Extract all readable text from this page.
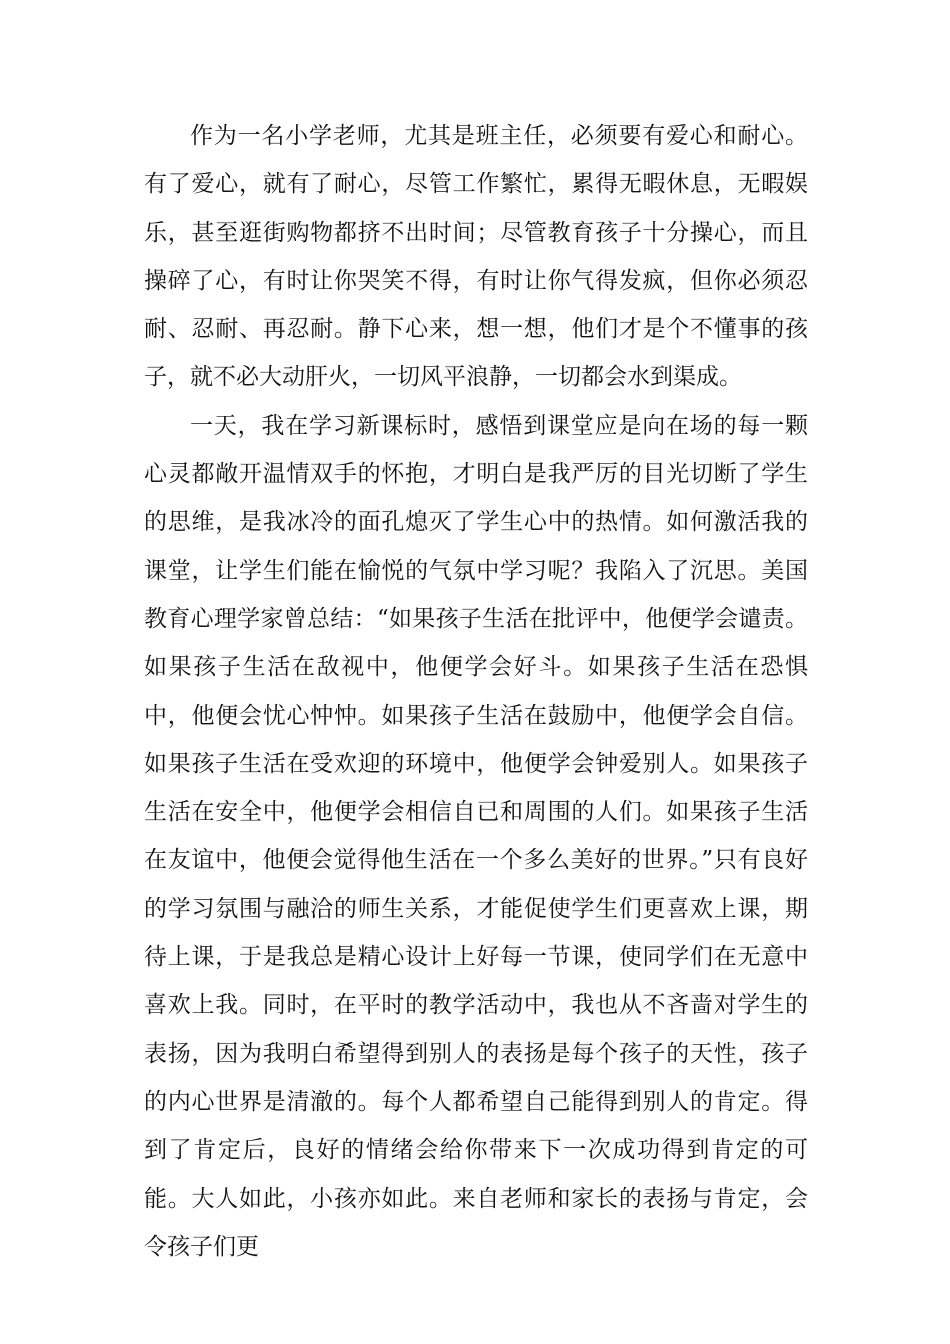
作为一名小学老师，尤其是班主任，必须要有爱心和耐心。有了爱心，就有了耐心，尽管工作繁忙，累得无暇休息，无暇娱乐，甚至逛街购物都挤不出时间；尽管教育孩子十分操心，而且操碎了心，有时让你哭笑不得，有时让你气得发疯，但你必须忍耐、忍耐、再忍耐。静下心来，想一想，他们才是个不懂事的孩子，就不必大动肝火，一切风平浪静，一切都会水到渠成。

一天，我在学习新课标时，感悟到课堂应是向在场的每一颗心灵都敞开温情双手的怀抱，才明白是我严厉的目光切断了学生的思维，是我冰冷的面孔熄灭了学生心中的热情。如何激活我的课堂，让学生们能在愉悦的气氛中学习呢？我陷入了沉思。美国教育心理学家曾总结：“如果孩子生活在批评中，他便学会谴责。如果孩子生活在敌视中，他便学会好斗。如果孩子生活在恐惧中，他便会忧心忡忡。如果孩子生活在鼓励中，他便学会自信。如果孩子生活在受欢迎的环境中，他便学会钟爱别人。如果孩子生活在安全中，他便学会相信自已和周围的人们。如果孩子生活在友谊中，他便会觉得他生活在一个多么美好的世界。”只有良好的学习氛围与融洽的师生关系，才能促使学生们更喜欢上课，期待上课，于是我总是精心设计上好每一节课，使同学们在无意中喜欢上我。同时，在平时的教学活动中，我也从不吝啬对学生的表扬，因为我明白希望得到别人的表扬是每个孩子的天性，孩子的内心世界是清澈的。每个人都希望自己能得到别人的肯定。得到了肯定后，良好的情绪会给你带来下一次成功得到肯定的可能。大人如此，小孩亦如此。来自老师和家长的表扬与肯定，会令孩子们更
